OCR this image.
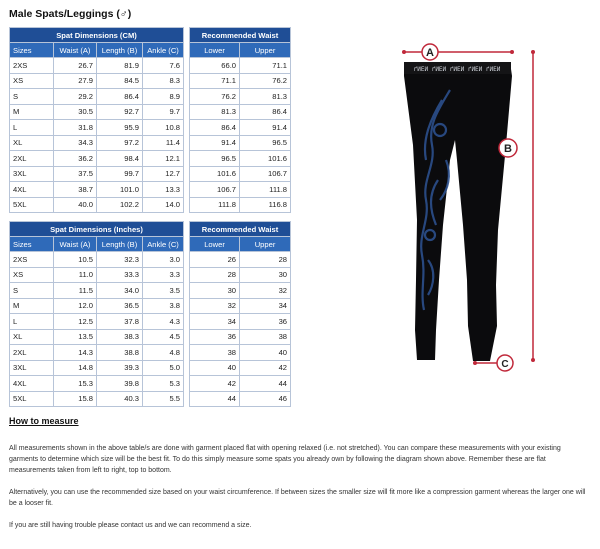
Male Spats/Leggings (♂)
Spat Dimensions (CM)					Recommended Waist	
Sizes	Waist (A)	Length (B)	Ankle (C)		Lower	Upper
2XS	26.7	81.9	7.6		66.0	71.1
XS	27.9	84.5	8.3		71.1	76.2
S	29.2	86.4	8.9		76.2	81.3
M	30.5	92.7	9.7		81.3	86.4
L	31.8	95.9	10.8		86.4	91.4
XL	34.3	97.2	11.4		91.4	96.5
2XL	36.2	98.4	12.1		96.5	101.6
3XL	37.5	99.7	12.7		101.6	106.7
4XL	38.7	101.0	13.3		106.7	111.8
5XL	40.0	102.2	14.0		111.8	116.8
Spat Dimensions (Inches)					Recommended Waist	
Sizes	Waist (A)	Length (B)	Ankle (C)		Lower	Upper
2XS	10.5	32.3	3.0		26	28
XS	11.0	33.3	3.3		28	30
S	11.5	34.0	3.5		30	32
M	12.0	36.5	3.8		32	34
L	12.5	37.8	4.3		34	36
XL	13.5	38.3	4.5		36	38
2XL	14.3	38.8	4.8		38	40
3XL	14.8	39.3	5.0		40	42
4XL	15.3	39.8	5.3		42	44
5XL	15.8	40.3	5.5		44	46
A
ґИЕИ ґИЕИ ґИЕИ ґИЕИ ґИЕИ
B
C
How to measure

All measurements shown in the above table/s are done with garment placed flat with opening relaxed (i.e. not stretched). You can compare these measurements with your existing garments to determine which size will be the best fit. To do this simply measure some spats you already own by following the diagram shown above. Remember these are flat measurements taken from left to right, top to bottom.

Alternatively, you can use the recommended size based on your waist circumference. If between sizes the smaller size will fit more like a compression garment whereas the larger one will be a looser fit.

If you are still having trouble please contact us and we can recommend a size.
